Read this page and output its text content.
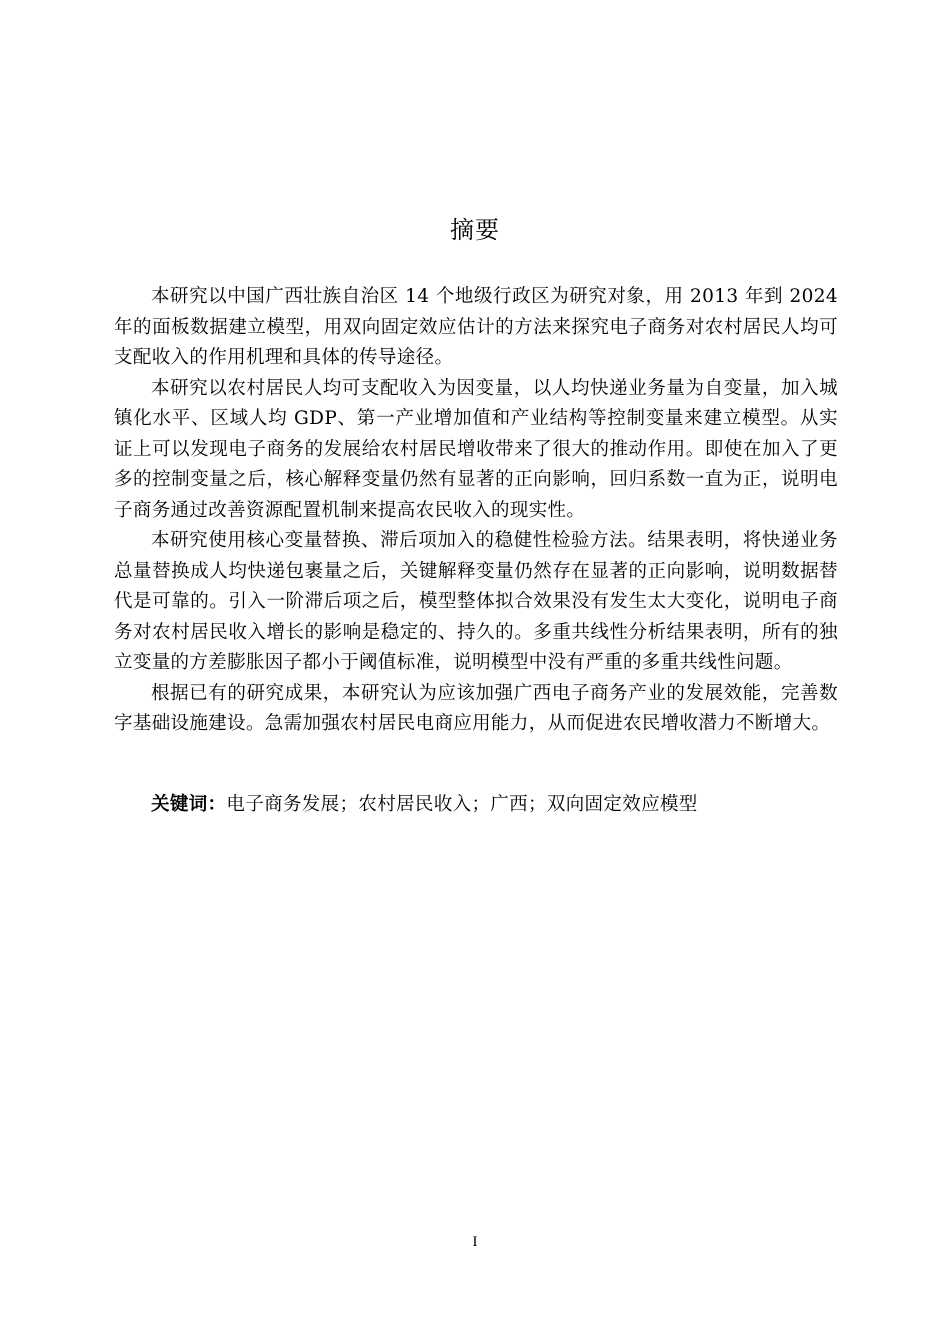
摘要

本研究以中国广西壮族自治区 14 个地级行政区为研究对象，用 2013 年到 2024 年的面板数据建立模型，用双向固定效应估计的方法来探究电子商务对农村居民人均可支配收入的作用机理和具体的传导途径。

本研究以农村居民人均可支配收入为因变量，以人均快递业务量为自变量，加入城镇化水平、区域人均 GDP、第一产业增加值和产业结构等控制变量来建立模型。从实证上可以发现电子商务的发展给农村居民增收带来了很大的推动作用。即使在加入了更多的控制变量之后，核心解释变量仍然有显著的正向影响，回归系数一直为正，说明电子商务通过改善资源配置机制来提高农民收入的现实性。

本研究使用核心变量替换、滞后项加入的稳健性检验方法。结果表明，将快递业务总量替换成人均快递包裹量之后，关键解释变量仍然存在显著的正向影响，说明数据替代是可靠的。引入一阶滞后项之后，模型整体拟合效果没有发生太大变化，说明电子商务对农村居民收入增长的影响是稳定的、持久的。多重共线性分析结果表明，所有的独立变量的方差膨胀因子都小于阈值标准，说明模型中没有严重的多重共线性问题。

根据已有的研究成果，本研究认为应该加强广西电子商务产业的发展效能，完善数字基础设施建设。急需加强农村居民电商应用能力，从而促进农民增收潜力不断增大。

关键词：电子商务发展；农村居民收入；广西；双向固定效应模型
I
